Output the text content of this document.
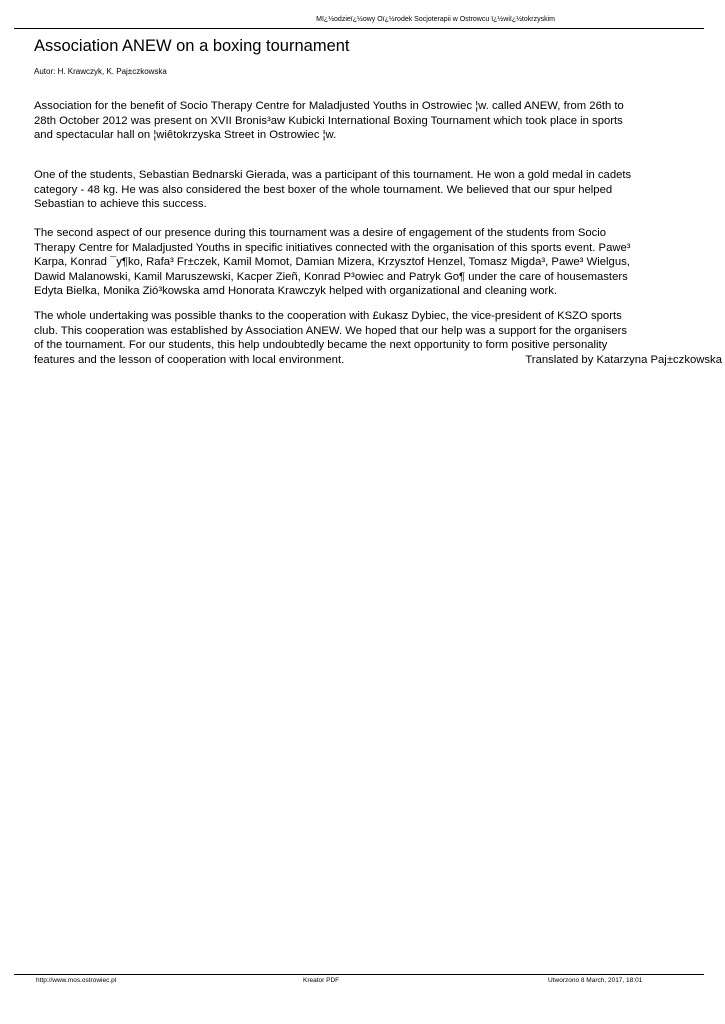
Mï¿½odzieï¿½owy Oï¿½rodek Socjoterapii w Ostrowcu ï¿½wiï¿½tokrzyskim
Association ANEW on a boxing tournament
Autor: H. Krawczyk, K. Paj±czkowska

Association for the benefit of Socio Therapy Centre for Maladjusted Youths in Ostrowiec ¦w. called ANEW, from 26th to
28th October 2012 was present on XVII Bronis³aw Kubicki International Boxing Tournament which took place in sports
and spectacular hall on ¦wiêtokrzyska Street in Ostrowiec ¦w.

One of the students, Sebastian Bednarski Gierada, was a participant of this tournament. He won a gold medal in cadets
category - 48 kg. He was also considered the best boxer of the whole tournament. We believed that our spur helped
Sebastian to achieve this success.

The second aspect of our presence during this tournament was a desire of engagement of the students from Socio
Therapy Centre for Maladjusted Youths in specific initiatives connected with the organisation of this sports event. Pawe³
Karpa, Konrad ¯y¶ko, Rafa³ Fr±czek, Kamil Momot, Damian Mizera, Krzysztof Henzel, Tomasz Migda³, Pawe³ Wielgus,
Dawid Malanowski, Kamil Maruszewski, Kacper Zieñ, Konrad P³owiec and Patryk Go¶ under the care of housemasters
Edyta Bielka, Monika Zió³kowska amd Honorata Krawczyk helped with organizational and cleaning work.

The whole undertaking was possible thanks to the cooperation with £ukasz Dybiec, the vice-president of KSZO sports
club. This cooperation was established by Association ANEW. We hoped that our help was a support for the organisers
of the tournament. For our students, this help undoubtedly became the next opportunity to form positive personality
features and the lesson of cooperation with local environment.	Translated by Katarzyna Paj±czkowska

http://www.mos.ostrowiec.pl	Kreator PDF	Utworzono 8 March, 2017, 18:01
